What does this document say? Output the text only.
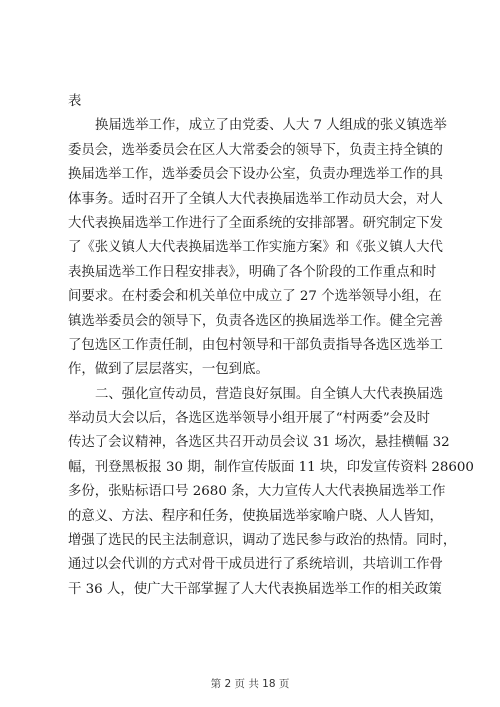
表
换届选举工作，成立了由党委、人大 7 人组成的张义镇选举
委员会，选举委员会在区人大常委会的领导下，负责主持全镇的
换届选举工作，选举委员会下设办公室，负责办理选举工作的具
体事务。适时召开了全镇人大代表换届选举工作动员大会，对人
大代表换届选举工作进行了全面系统的安排部署。研究制定下发
了《张义镇人大代表换届选举工作实施方案》和《张义镇人大代
表换届选举工作日程安排表》，明确了各个阶段的工作重点和时
间要求。在村委会和机关单位中成立了 27 个选举领导小组，在
镇选举委员会的领导下，负责各选区的换届选举工作。健全完善
了包选区工作责任制，由包村领导和干部负责指导各选区选举工
作，做到了层层落实，一包到底。
二、强化宣传动员，营造良好氛围。自全镇人大代表换届选
举动员大会以后，各选区选举领导小组开展了“村两委”会及时
传达了会议精神，各选区共召开动员会议 31 场次，悬挂横幅 32
幅，刊登黑板报 30 期，制作宣传版面 11 块，印发宣传资料 28600
多份，张贴标语口号 2680 条，大力宣传人大代表换届选举工作
的意义、方法、程序和任务，使换届选举家喻户晓、人人皆知，
增强了选民的民主法制意识，调动了选民参与政治的热情。同时，
通过以会代训的方式对骨干成员进行了系统培训，共培训工作骨
干 36 人，使广大干部掌握了人大代表换届选举工作的相关政策
第 2 页 共 18 页
